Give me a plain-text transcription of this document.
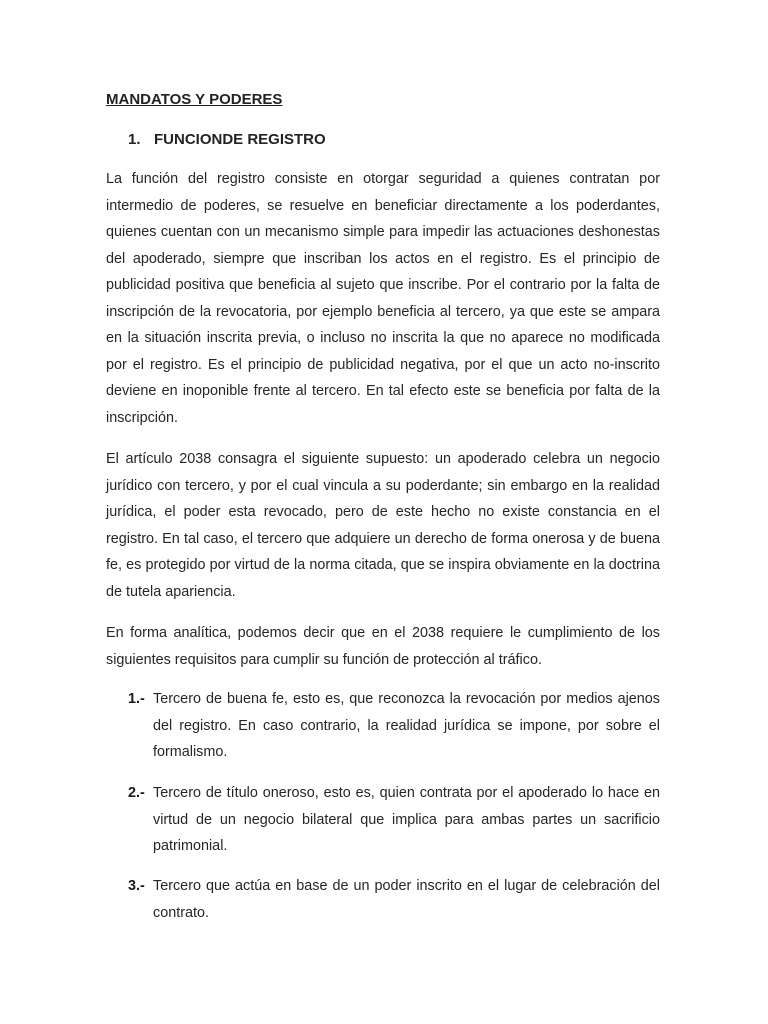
MANDATOS Y PODERES
1. FUNCIONDE REGISTRO

La función del registro consiste en otorgar seguridad a quienes contratan por intermedio de poderes, se resuelve en beneficiar directamente a los poderdantes, quienes cuentan con un mecanismo simple para impedir las actuaciones deshonestas del apoderado, siempre que inscriban los actos en el registro. Es el principio de publicidad positiva que beneficia al sujeto que inscribe. Por el contrario por la falta de inscripción de la revocatoria, por ejemplo beneficia al tercero, ya que este se ampara en la situación inscrita previa, o incluso no inscrita la que no aparece no modificada por el registro. Es el principio de publicidad negativa, por el que un acto no-inscrito deviene en inoponible frente al tercero. En tal efecto este se beneficia por falta de la inscripción.

El artículo 2038 consagra el siguiente supuesto: un apoderado celebra un negocio jurídico con tercero, y por el cual vincula a su poderdante; sin embargo en la realidad jurídica, el poder esta revocado, pero de este hecho no existe constancia en el registro. En tal caso, el tercero que adquiere un derecho de forma onerosa y de buena fe, es protegido por virtud de la norma citada, que se inspira obviamente en la doctrina de tutela apariencia.

En forma analítica, podemos decir que en el 2038 requiere le cumplimiento de los siguientes requisitos para cumplir su función de protección al tráfico.

1.- Tercero de buena fe, esto es, que reconozca la revocación por medios ajenos del registro. En caso contrario, la realidad jurídica se impone, por sobre el formalismo.
2.- Tercero de título oneroso, esto es, quien contrata por el apoderado lo hace en virtud de un negocio bilateral que implica para ambas partes un sacrificio patrimonial.
3.- Tercero que actúa en base de un poder inscrito en el lugar de celebración del contrato.
